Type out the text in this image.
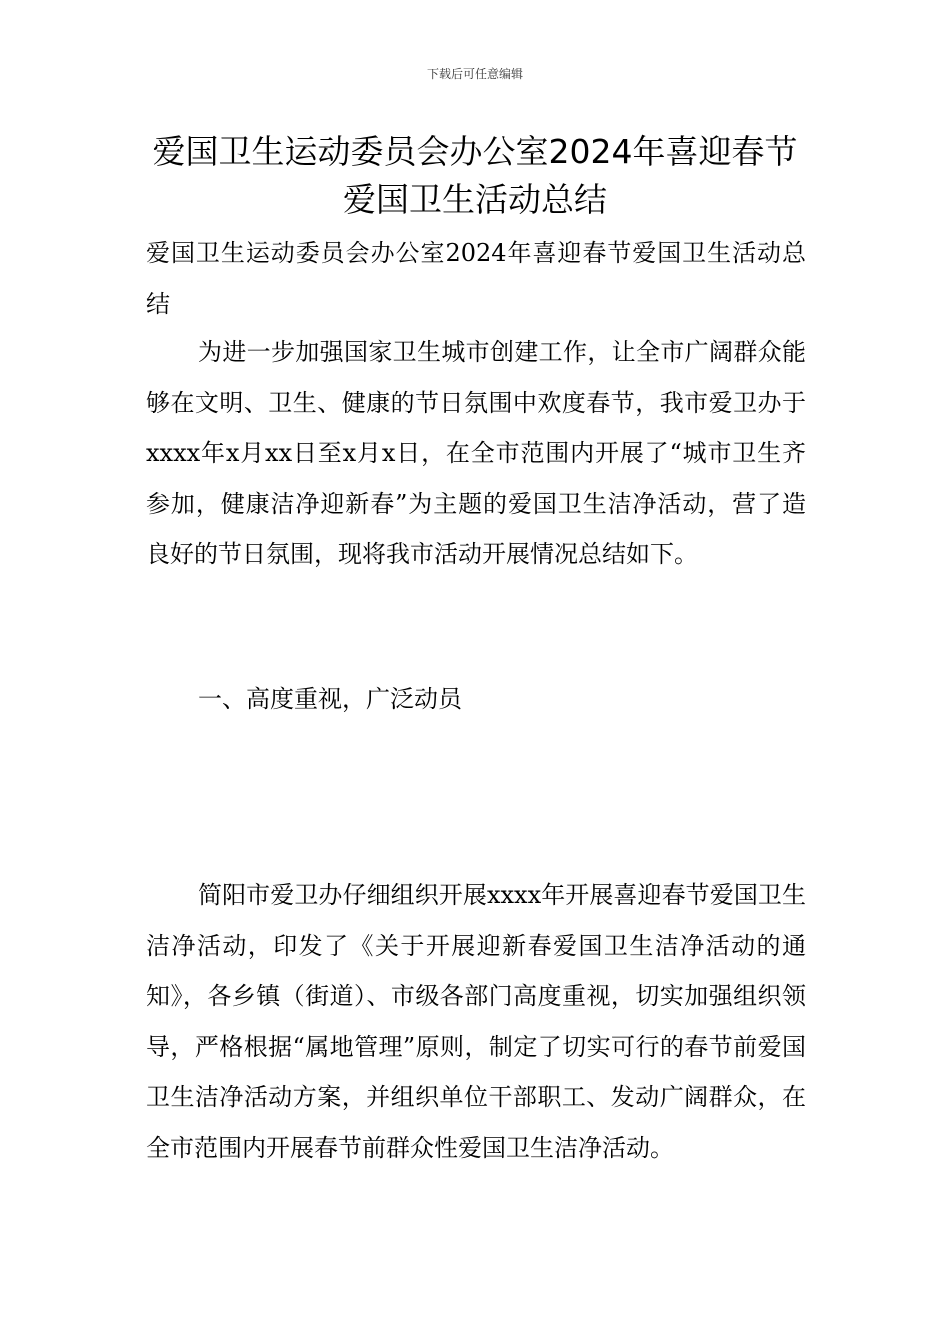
下载后可任意编辑
爱国卫生运动委员会办公室2024年喜迎春节爱国卫生活动总结

爱国卫生运动委员会办公室2024年喜迎春节爱国卫生活动总结

为进一步加强国家卫生城市创建工作，让全市广阔群众能够在文明、卫生、健康的节日氛围中欢度春节，我市爱卫办于xxxx年x月xx日至x月x日，在全市范围内开展了“城市卫生齐参加，健康洁净迎新春”为主题的爱国卫生洁净活动，营了造良好的节日氛围，现将我市活动开展情况总结如下。

一、高度重视，广泛动员

简阳市爱卫办仔细组织开展xxxx年开展喜迎春节爱国卫生洁净活动，印发了《关于开展迎新春爱国卫生洁净活动的通知》，各乡镇（街道）、市级各部门高度重视，切实加强组织领导，严格根据“属地管理”原则，制定了切实可行的春节前爱国卫生洁净活动方案，并组织单位干部职工、发动广阔群众，在全市范围内开展春节前群众性爱国卫生洁净活动。
